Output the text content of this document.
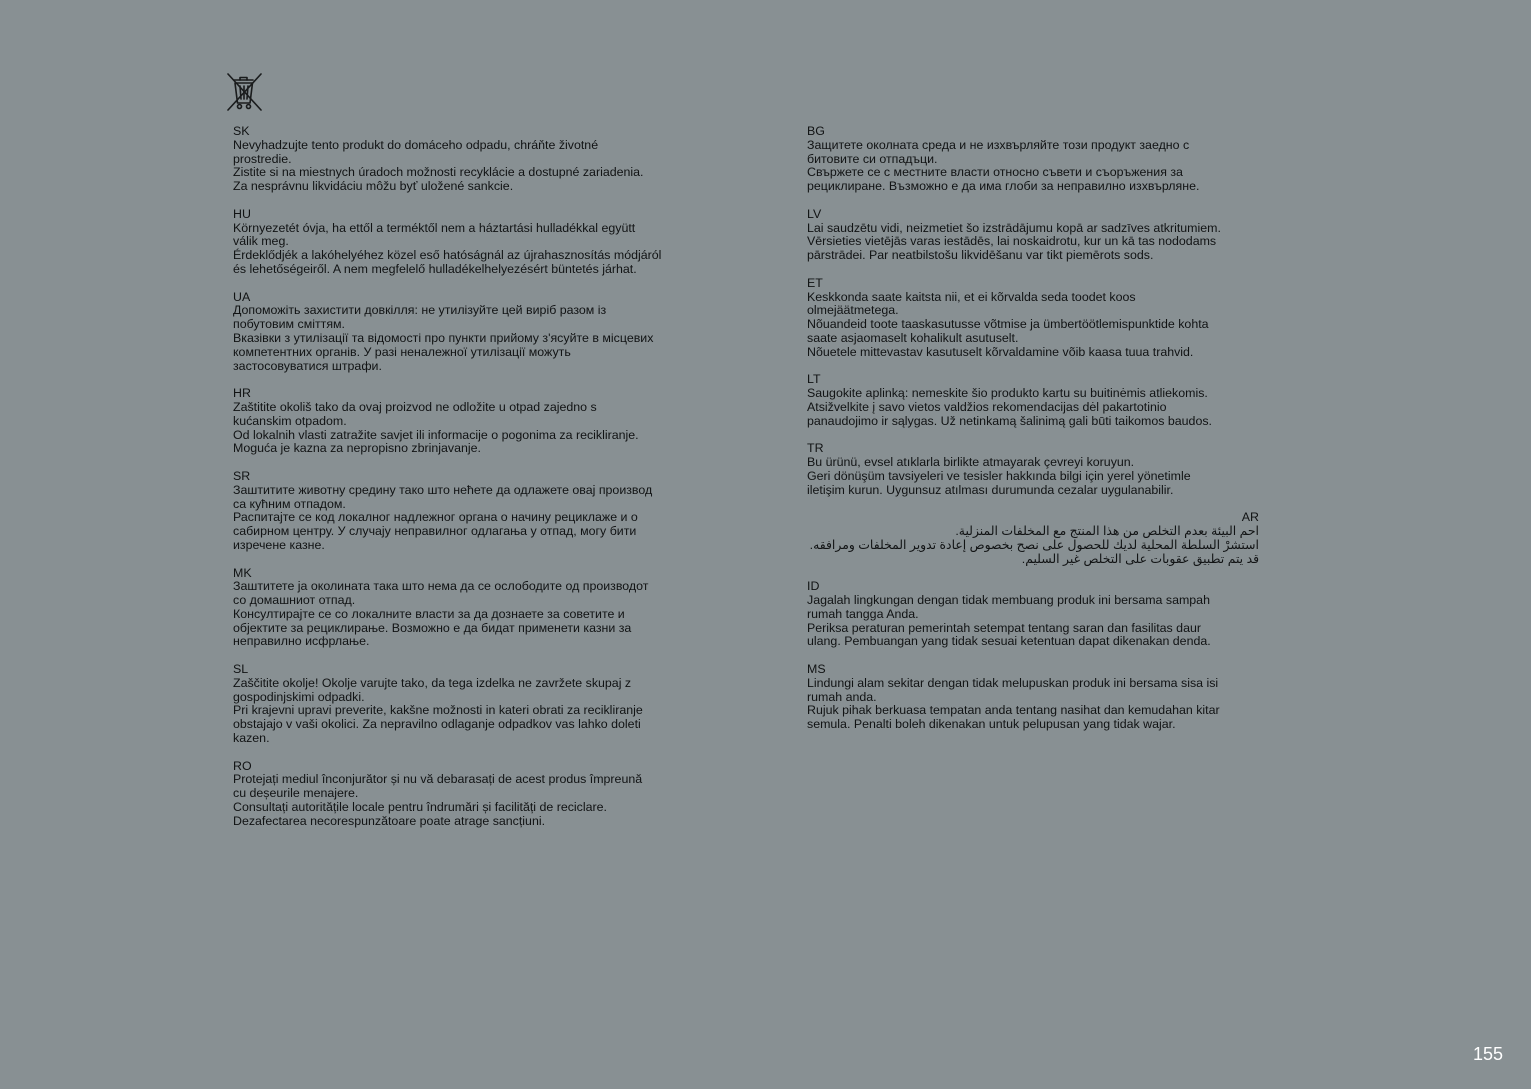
SK
Nevyhadzujte tento produkt do domáceho odpadu, chráňte životné
prostredie.
Zistite si na miestnych úradoch možnosti recyklácie a dostupné zariadenia.
Za nesprávnu likvidáciu môžu byť uložené sankcie.
HU
Környezetét óvja, ha ettől a terméktől nem a háztartási hulladékkal együtt
válik meg.
Érdeklődjék a lakóhelyéhez közel eső hatóságnál az újrahasznosítás módjáról
és lehetőségeiről. A nem megfelelő hulladékelhelyezésért büntetés járhat.
UA
Допоможіть захистити довкілля: не утилізуйте цей виріб разом із
побутовим сміттям.
Вказівки з утилізації та відомості про пункти прийому з'ясуйте в місцевих
компетентних органів. У разі неналежної утилізації можуть
застосовуватися штрафи.
HR
Zaštitite okoliš tako da ovaj proizvod ne odložite u otpad zajedno s
kućanskim otpadom.
Od lokalnih vlasti zatražite savjet ili informacije o pogonima za recikliranje.
Moguća je kazna za nepropisno zbrinjavanje.
SR
Заштитите животну средину тако што нећете да одлажете овај производ
са кућним отпадом.
Распитајте се код локалног надлежног органа о начину рециклаже и о
сабирном центру. У случају неправилног одлагања у отпад, могу бити
изречене казне.
MK
Заштитете ја околината така што нема да се ослободите од производот
со домашниот отпад.
Консултирајте се со локалните власти за да дознаете за советите и
објектите за рециклирање. Возможно е да бидат применети казни за
неправилно исфрлање.
SL
Zaščitite okolje! Okolje varujte tako, da tega izdelka ne zavržete skupaj z
gospodinjskimi odpadki.
Pri krajevni upravi preverite, kakšne možnosti in kateri obrati za recikliranje
obstajajo v vaši okolici. Za nepravilno odlaganje odpadkov vas lahko doleti
kazen.
RO
Protejați mediul înconjurător și nu vă debarasați de acest produs împreună
cu deșeurile menajere.
Consultați autoritățile locale pentru îndrumări și facilități de reciclare.
Dezafectarea necorespunzătoare poate atrage sancțiuni.
BG
Защитете околната среда и не изхвърляйте този продукт заедно с
битовите си отпадъци.
Свържете се с местните власти относно съвети и съоръжения за
рециклиране. Възможно е да има глоби за неправилно изхвърляне.
LV
Lai saudzētu vidi, neizmetiet šo izstrādājumu kopā ar sadzīves atkritumiem.
Vērsieties vietējās varas iestādēs, lai noskaidrotu, kur un kā tas nododams
pārstrādei. Par neatbilstošu likvidēšanu var tikt piemērots sods.
ET
Keskkonda saate kaitsta nii, et ei kõrvalda seda toodet koos
olmejäätmetega.
Nõuandeid toote taaskasutusse võtmise ja ümbertöötlemispunktide kohta
saate asjaomaselt kohalikult asutuselt.
Nõuetele mittevastav kasutuselt kõrvaldamine võib kaasa tuua trahvid.
LT
Saugokite aplinką: nemeskite šio produkto kartu su buitinėmis atliekomis.
Atsižvelkite į savo vietos valdžios rekomendacijas dėl pakartotinio
panaudojimo ir sąlygas. Už netinkamą šalinimą gali būti taikomos baudos.
TR
Bu ürünü, evsel atıklarla birlikte atmayarak çevreyi koruyun.
Geri dönüşüm tavsiyeleri ve tesisler hakkında bilgi için yerel yönetimle
iletişim kurun. Uygunsuz atılması durumunda cezalar uygulanabilir.
AR
احم البيئة بعدم التخلص من هذا المنتج مع المخلفات المنزلية.
استشرْ السلطة المحلية لديك للحصول على نصح بخصوص إعادة تدوير المخلفات ومرافقه.
قد يتم تطبيق عقوبات على التخلص غير السليم.
ID
Jagalah lingkungan dengan tidak membuang produk ini bersama sampah
rumah tangga Anda.
Periksa peraturan pemerintah setempat tentang saran dan fasilitas daur
ulang. Pembuangan yang tidak sesuai ketentuan dapat dikenakan denda.
MS
Lindungi alam sekitar dengan tidak melupuskan produk ini bersama sisa isi
rumah anda.
Rujuk pihak berkuasa tempatan anda tentang nasihat dan kemudahan kitar
semula. Penalti boleh dikenakan untuk pelupusan yang tidak wajar.
155
